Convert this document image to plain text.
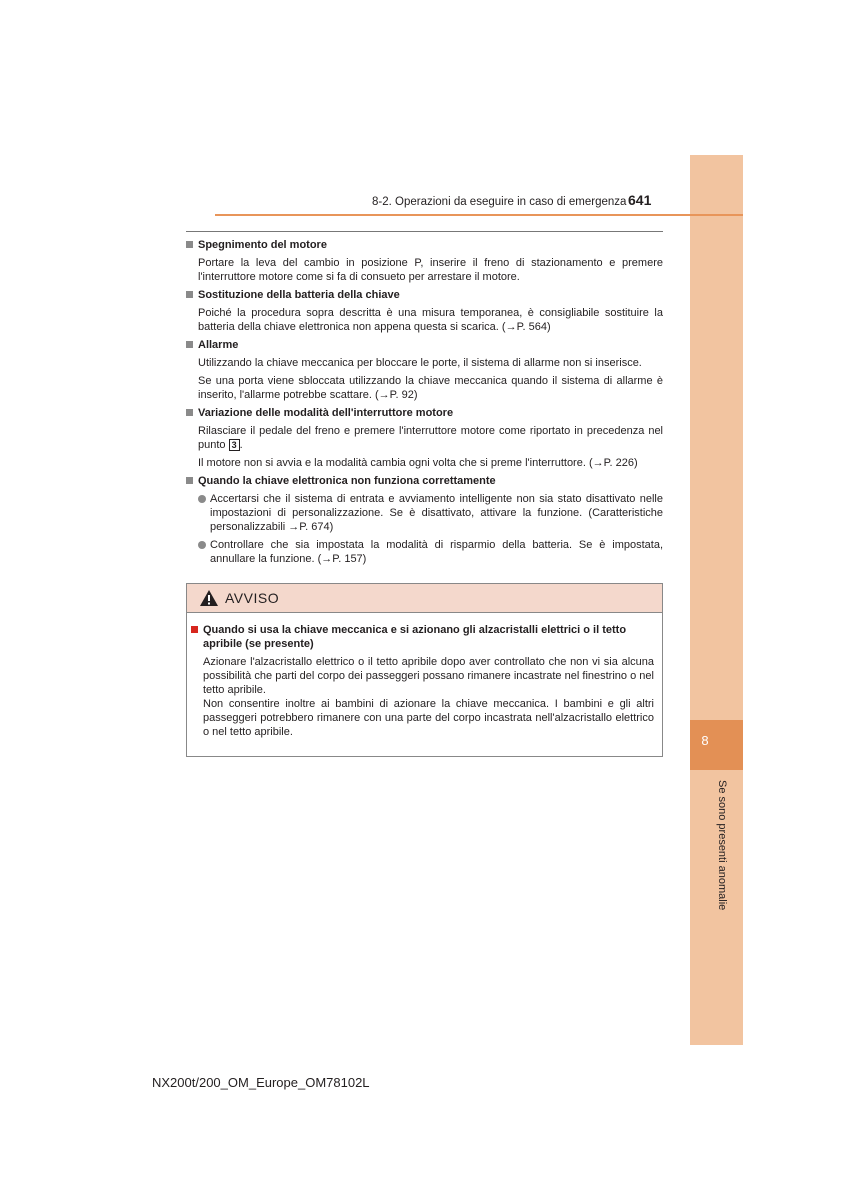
8
Se sono presenti anomalie
8-2. Operazioni da eseguire in caso di emergenza 641
Spegnimento del motore
Portare la leva del cambio in posizione P, inserire il freno di stazionamento e premere l'interruttore motore come si fa di consueto per arrestare il motore.
Sostituzione della batteria della chiave
Poiché la procedura sopra descritta è una misura temporanea, è consigliabile sostituire la batteria della chiave elettronica non appena questa si scarica. (→P. 564)
Allarme
Utilizzando la chiave meccanica per bloccare le porte, il sistema di allarme non si inserisce.
Se una porta viene sbloccata utilizzando la chiave meccanica quando il sistema di allarme è inserito, l'allarme potrebbe scattare. (→P. 92)
Variazione delle modalità dell'interruttore motore
Rilasciare il pedale del freno e premere l'interruttore motore come riportato in precedenza nel punto 3 .
Il motore non si avvia e la modalità cambia ogni volta che si preme l'interruttore. (→P. 226)
Quando la chiave elettronica non funziona correttamente
Accertarsi che il sistema di entrata e avviamento intelligente non sia stato disattivato nelle impostazioni di personalizzazione. Se è disattivato, attivare la funzione. (Caratteristiche personalizzabili →P. 674)
Controllare che sia impostata la modalità di risparmio della batteria. Se è impostata, annullare la funzione. (→P. 157)
AVVISO
Quando si usa la chiave meccanica e si azionano gli alzacristalli elettrici o il tetto apribile (se presente)
Azionare l'alzacristallo elettrico o il tetto apribile dopo aver controllato che non vi sia alcuna possibilità che parti del corpo dei passeggeri possano rimanere incastrate nel finestrino o nel tetto apribile.
Non consentire inoltre ai bambini di azionare la chiave meccanica. I bambini e gli altri passeggeri potrebbero rimanere con una parte del corpo incastrata nell'alzacristallo elettrico o nel tetto apribile.
NX200t/200_OM_Europe_OM78102L
